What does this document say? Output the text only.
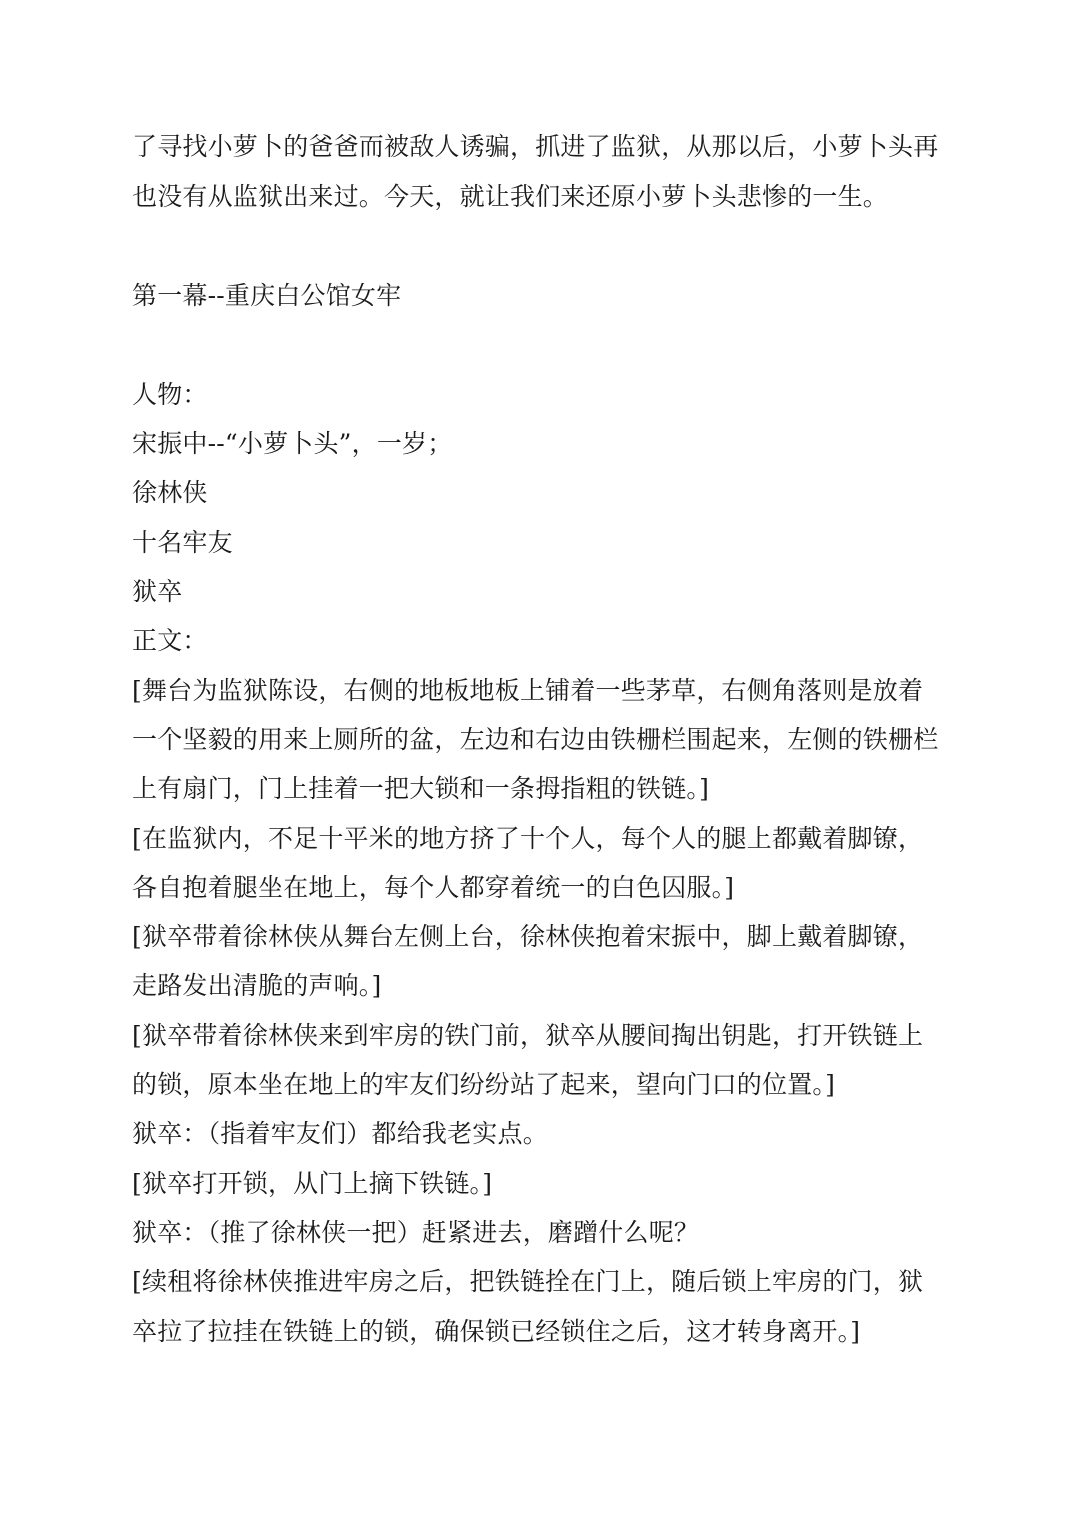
了寻找小萝卜的爸爸而被敌人诱骗，抓进了监狱，从那以后，小萝卜头再
也没有从监狱出来过。今天，就让我们来还原小萝卜头悲惨的一生。
第一幕--重庆白公馆女牢
人物：
宋振中--“小萝卜头”，一岁；
徐林侠
十名牢友
狱卒
正文：
[舞台为监狱陈设，右侧的地板地板上铺着一些茅草，右侧角落则是放着
一个坚毅的用来上厕所的盆，左边和右边由铁栅栏围起来，左侧的铁栅栏
上有扇门，门上挂着一把大锁和一条拇指粗的铁链。]
[在监狱内，不足十平米的地方挤了十个人，每个人的腿上都戴着脚镣，
各自抱着腿坐在地上，每个人都穿着统一的白色囚服。]
[狱卒带着徐林侠从舞台左侧上台，徐林侠抱着宋振中，脚上戴着脚镣，
走路发出清脆的声响。]
[狱卒带着徐林侠来到牢房的铁门前，狱卒从腰间掏出钥匙，打开铁链上
的锁，原本坐在地上的牢友们纷纷站了起来，望向门口的位置。]
狱卒：（指着牢友们）都给我老实点。
[狱卒打开锁，从门上摘下铁链。]
狱卒：（推了徐林侠一把）赶紧进去，磨蹭什么呢？
[续租将徐林侠推进牢房之后，把铁链拴在门上，随后锁上牢房的门，狱
卒拉了拉挂在铁链上的锁，确保锁已经锁住之后，这才转身离开。]
